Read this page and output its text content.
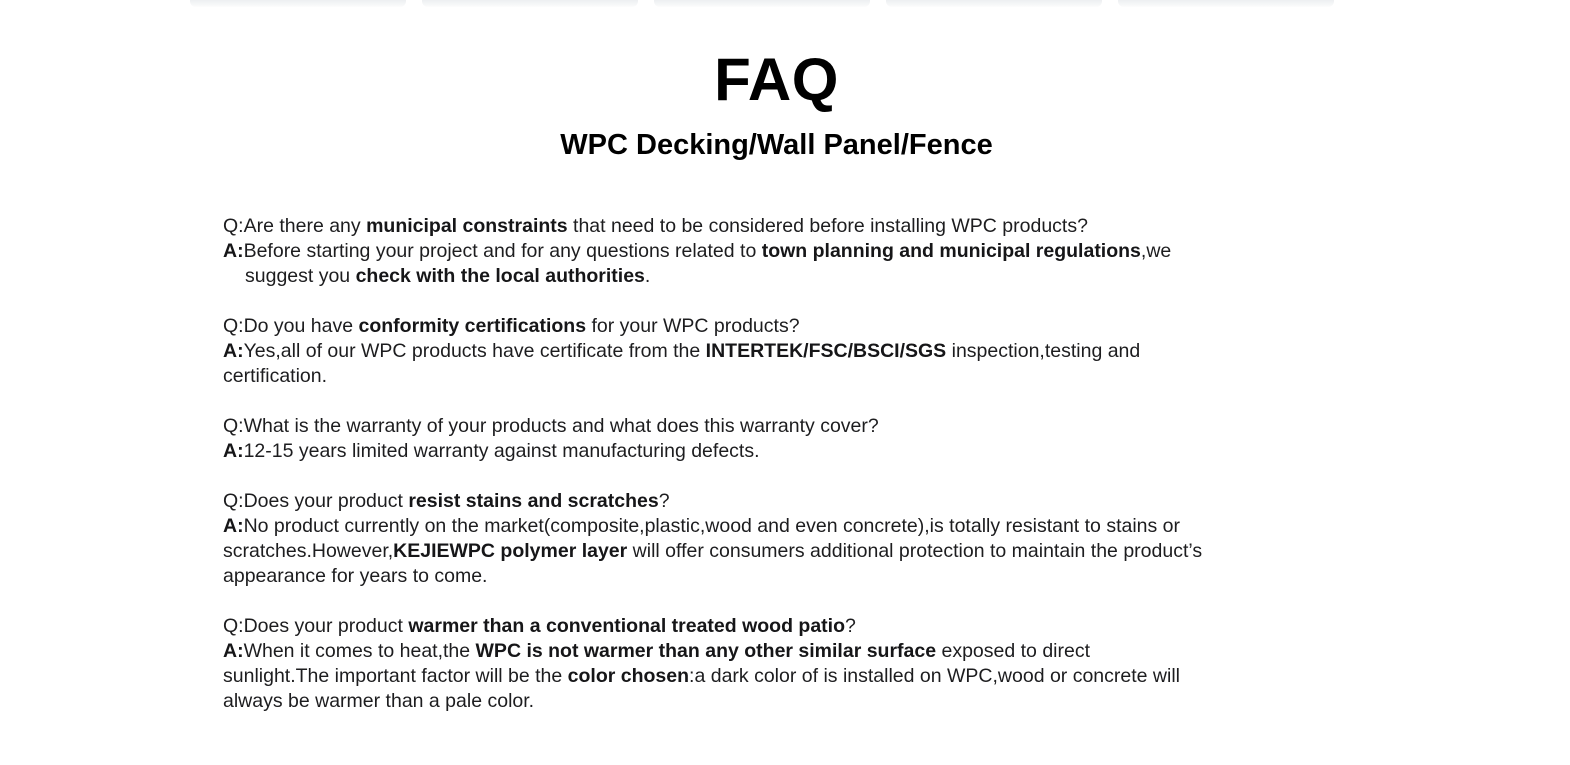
FAQ
WPC Decking/Wall Panel/Fence
Q:Are there any municipal constraints that need to be considered before installing WPC products?
A:Before starting your project and for any questions related to town planning and municipal regulations,we
suggest you check with the local authorities.
Q:Do you have conformity certifications for your WPC products?
A:Yes,all of our WPC products have certificate from the INTERTEK/FSC/BSCI/SGS inspection,testing and
certification.
Q:What is the warranty of your products and what does this warranty cover?
A:12-15 years limited warranty against manufacturing defects.
Q:Does your product resist stains and scratches?
A:No product currently on the market(composite,plastic,wood and even concrete),is totally resistant to stains or
scratches.However,KEJIEWPC polymer layer will offer consumers additional protection to maintain the product’s
appearance for years to come.
Q:Does your product warmer than a conventional treated wood patio?
A:When it comes to heat,the WPC is not warmer than any other similar surface exposed to direct
sunlight.The important factor will be the color chosen:a dark color of is installed on WPC,wood or concrete will
always be warmer than a pale color.
